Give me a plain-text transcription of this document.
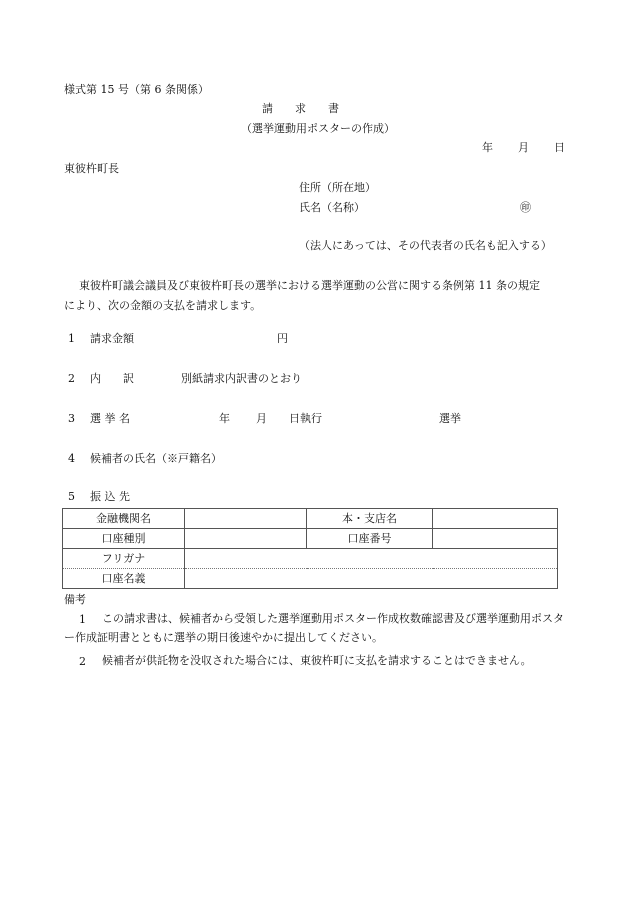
様式第 15 号（第 6 条関係）
請　　求　　書
（選挙運動用ポスターの作成）
年 月 日
東彼杵町長
住所（所在地）
氏名（名称）	㊞
（法人にあっては、その代表者の氏名も記入する）
東彼杵町議会議員及び東彼杵町長の選挙における選挙運動の公営に関する条例第 11 条の規定
により、次の金額の支払を請求します。
1 請求金額	円
2 内　　訳	別紙請求内訳書のとおり
3 選 挙 名	年 月 日執行	選挙
4 候補者の氏名（※戸籍名）
5 振 込 先
金融機関名		本・支店名	
口座種別		口座番号	
フリガナ			
口座名義			
備考
1	この請求書は、候補者から受領した選挙運動用ポスター作成枚数確認書及び選挙運動用ポスター作成証明書とともに選挙の期日後速やかに提出してください。
2	候補者が供託物を没収された場合には、東彼杵町に支払を請求することはできません。
